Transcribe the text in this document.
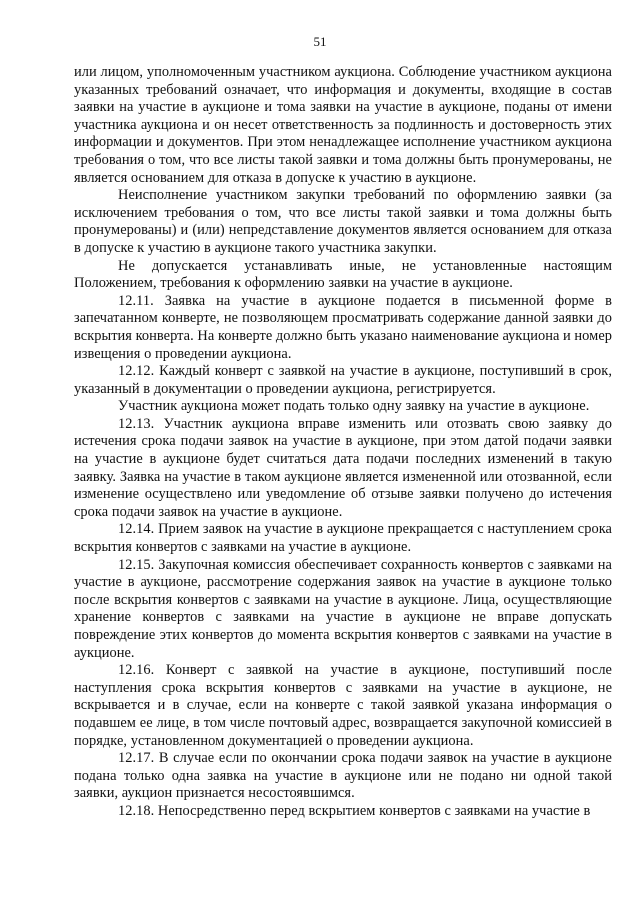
51

или лицом, уполномоченным участником аукциона. Соблюдение участником аукциона указанных требований означает, что информация и документы, входящие в состав заявки на участие в аукционе и тома заявки на участие в аукционе, поданы от имени участника аукциона и он несет ответственность за подлинность и достоверность этих информации и документов. При этом ненадлежащее исполнение участником аукциона требования о том, что все листы такой заявки и тома должны быть пронумерованы, не является основанием для отказа в допуске к участию в аукционе.

Неисполнение участником закупки требований по оформлению заявки (за исключением требования о том, что все листы такой заявки и тома должны быть пронумерованы) и (или) непредставление документов является основанием для отказа в допуске к участию в аукционе такого участника закупки.

Не допускается устанавливать иные, не установленные настоящим Положением, требования к оформлению заявки на участие в аукционе.

12.11. Заявка на участие в аукционе подается в письменной форме в запечатанном конверте, не позволяющем просматривать содержание данной заявки до вскрытия конверта. На конверте должно быть указано наименование аукциона и номер извещения о проведении аукциона.

12.12. Каждый конверт с заявкой на участие в аукционе, поступивший в срок, указанный в документации о проведении аукциона, регистрируется.

Участник аукциона может подать только одну заявку на участие в аукционе.

12.13. Участник аукциона вправе изменить или отозвать свою заявку до истечения срока подачи заявок на участие в аукционе, при этом датой подачи заявки на участие в аукционе будет считаться дата подачи последних изменений в такую заявку. Заявка на участие в таком аукционе является измененной или отозванной, если изменение осуществлено или уведомление об отзыве заявки получено до истечения срока подачи заявок на участие в аукционе.

12.14. Прием заявок на участие в аукционе прекращается с наступлением срока вскрытия конвертов с заявками на участие в аукционе.

12.15. Закупочная комиссия обеспечивает сохранность конвертов с заявками на участие в аукционе, рассмотрение содержания заявок на участие в аукционе только после вскрытия конвертов с заявками на участие в аукционе. Лица, осуществляющие хранение конвертов с заявками на участие в аукционе не вправе допускать повреждение этих конвертов до момента вскрытия конвертов с заявками на участие в аукционе.

12.16. Конверт с заявкой на участие в аукционе, поступивший после наступления срока вскрытия конвертов с заявками на участие в аукционе, не вскрывается и в случае, если на конверте с такой заявкой указана информация о подавшем ее лице, в том числе почтовый адрес, возвращается закупочной комиссией в порядке, установленном документацией о проведении аукциона.

12.17. В случае если по окончании срока подачи заявок на участие в аукционе подана только одна заявка на участие в аукционе или не подано ни одной такой заявки, аукцион признается несостоявшимся.

12.18. Непосредственно перед вскрытием конвертов с заявками на участие в
